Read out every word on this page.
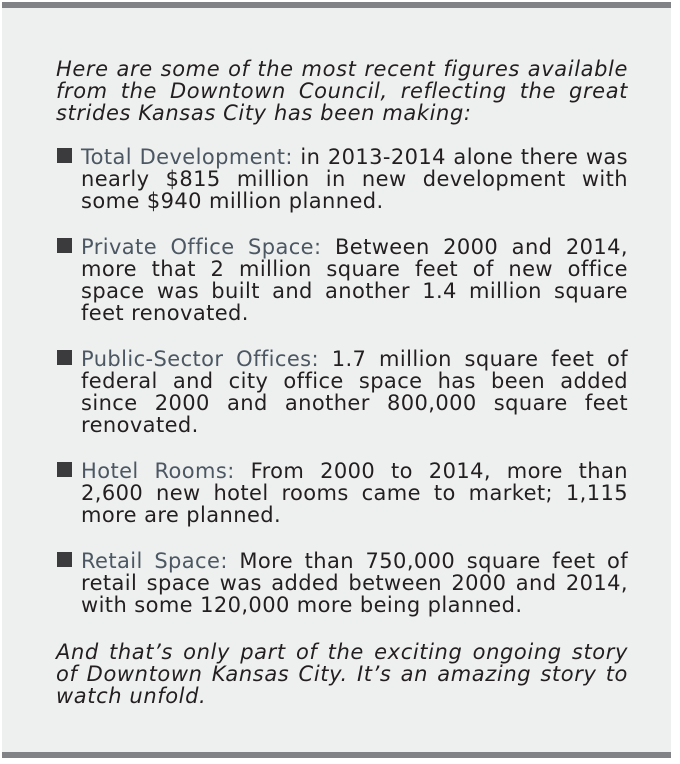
Here are some of the most recent figures available from the Downtown Council, reflecting the great strides Kansas City has been making:

Total Development: in 2013-2014 alone there was nearly $815 million in new development with some $940 million planned.
Private Office Space: Between 2000 and 2014, more that 2 million square feet of new office space was built and another 1.4 million square feet renovated.
Public-Sector Offices: 1.7 million square feet of federal and city office space has been added since 2000 and another 800,000 square feet renovated.
Hotel Rooms: From 2000 to 2014, more than 2,600 new hotel rooms came to market; 1,115 more are planned.
Retail Space: More than 750,000 square feet of retail space was added between 2000 and 2014, with some 120,000 more being planned.

And that’s only part of the exciting ongoing story of Downtown Kansas City. It’s an amazing story to watch unfold.
